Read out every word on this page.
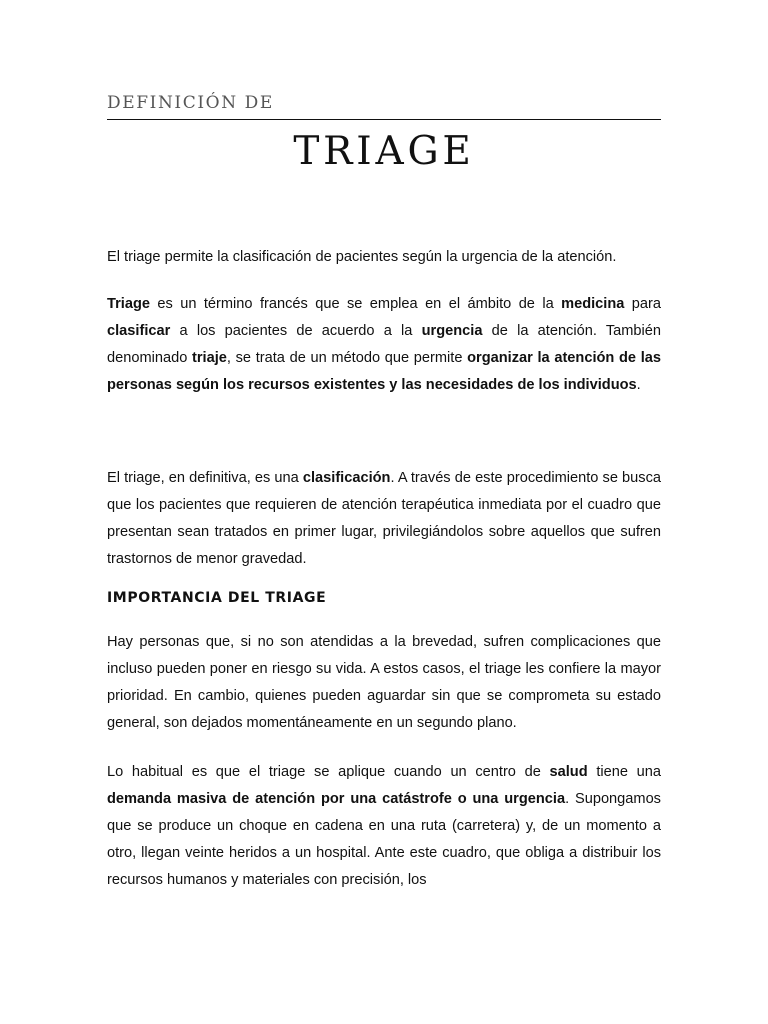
DEFINICIÓN DE
TRIAGE

El triage permite la clasificación de pacientes según la urgencia de la atención.

Triage es un término francés que se emplea en el ámbito de la medicina para clasificar a los pacientes de acuerdo a la urgencia de la atención. También denominado triaje, se trata de un método que permite organizar la atención de las personas según los recursos existentes y las necesidades de los individuos.

El triage, en definitiva, es una clasificación. A través de este procedimiento se busca que los pacientes que requieren de atención terapéutica inmediata por el cuadro que presentan sean tratados en primer lugar, privilegiándolos sobre aquellos que sufren trastornos de menor gravedad.

IMPORTANCIA DEL TRIAGE

Hay personas que, si no son atendidas a la brevedad, sufren complicaciones que incluso pueden poner en riesgo su vida. A estos casos, el triage les confiere la mayor prioridad. En cambio, quienes pueden aguardar sin que se comprometa su estado general, son dejados momentáneamente en un segundo plano.

Lo habitual es que el triage se aplique cuando un centro de salud tiene una demanda masiva de atención por una catástrofe o una urgencia. Supongamos que se produce un choque en cadena en una ruta (carretera) y, de un momento a otro, llegan veinte heridos a un hospital. Ante este cuadro, que obliga a distribuir los recursos humanos y materiales con precisión, los
